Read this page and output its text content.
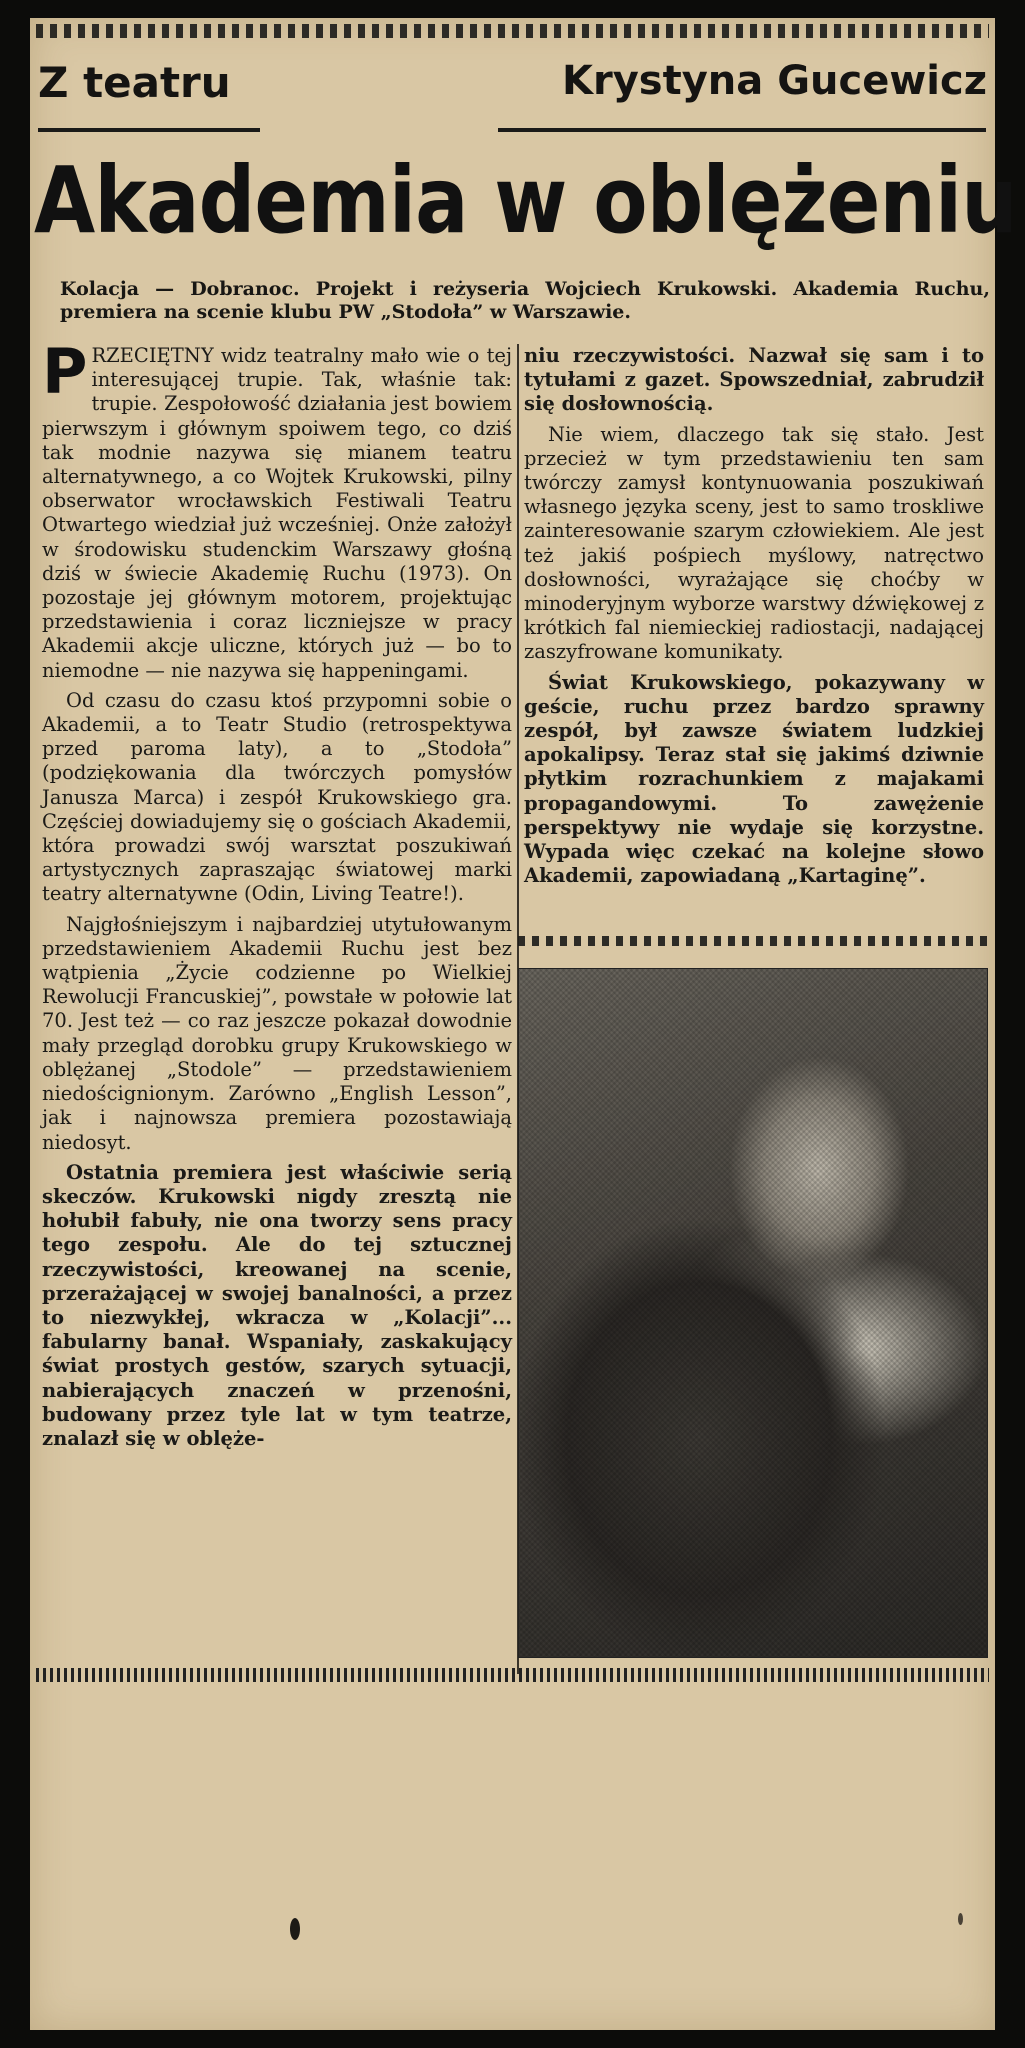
Z teatru	Krystyna Gucewicz
Akademia w oblężeniu
Kolacja — Dobranoc. Projekt i reżyseria Wojciech Krukowski. Akademia Ruchu, premiera na scenie klubu PW „Stodoła” w Warszawie.

PRZECIĘTNY widz teatralny mało wie o tej interesującej trupie. Tak, właśnie tak: trupie. Zespołowość działania jest bowiem pierwszym i głównym spoiwem tego, co dziś tak modnie nazywa się mianem teatru alternatywnego, a co Wojtek Krukowski, pilny obserwator wrocławskich Festiwali Teatru Otwartego wiedział już wcześniej. Onże założył w środowisku studenckim Warszawy głośną dziś w świecie Akademię Ruchu (1973). On pozostaje jej głównym motorem, projektując przedstawienia i coraz liczniejsze w pracy Akademii akcje uliczne, których już — bo to niemodne — nie nazywa się happeningami.

Od czasu do czasu ktoś przypomni sobie o Akademii, a to Teatr Studio (retrospektywa przed paroma laty), a to „Stodoła” (podziękowania dla twórczych pomysłów Janusza Marca) i zespół Krukowskiego gra. Częściej dowiadujemy się o gościach Akademii, która prowadzi swój warsztat poszukiwań artystycznych zapraszając światowej marki teatry alternatywne (Odin, Living Teatre!).

Najgłośniejszym i najbardziej utytułowanym przedstawieniem Akademii Ruchu jest bez wątpienia „Życie codzienne po Wielkiej Rewolucji Francuskiej”, powstałe w połowie lat 70. Jest też — co raz jeszcze pokazał dowodnie mały przegląd dorobku grupy Krukowskiego w oblężanej „Stodole” — przedstawieniem niedoścignionym. Zarówno „English Lesson”, jak i najnowsza premiera pozostawiają niedosyt.

Ostatnia premiera jest właściwie serią skeczów. Krukowski nigdy zresztą nie hołubił fabuły, nie ona tworzy sens pracy tego zespołu. Ale do tej sztucznej rzeczywistości, kreowanej na scenie, przerażającej w swojej banalności, a przez to niezwykłej, wkracza w „Kolacji”... fabularny banał. Wspaniały, zaskakujący świat prostych gestów, szarych sytuacji, nabierających znaczeń w przenośni, budowany przez tyle lat w tym teatrze, znalazł się w oblęże-

niu rzeczywistości. Nazwał się sam i to tytułami z gazet. Spowszedniał, zabrudził się dosłownością.

Nie wiem, dlaczego tak się stało. Jest przecież w tym przedstawieniu ten sam twórczy zamysł kontynuowania poszukiwań własnego języka sceny, jest to samo troskliwe zainteresowanie szarym człowiekiem. Ale jest też jakiś pośpiech myślowy, natręctwo dosłowności, wyrażające się choćby w minoderyjnym wyborze warstwy dźwiękowej z krótkich fal niemieckiej radiostacji, nadającej zaszyfrowane komunikaty.

Świat Krukowskiego, pokazywany w geście, ruchu przez bardzo sprawny zespół, był zawsze światem ludzkiej apokalipsy. Teraz stał się jakimś dziwnie płytkim rozrachunkiem z majakami propagandowymi. To zawężenie perspektywy nie wydaje się korzystne. Wypada więc czekać na kolejne słowo Akademii, zapowiadaną „Kartaginę”.
